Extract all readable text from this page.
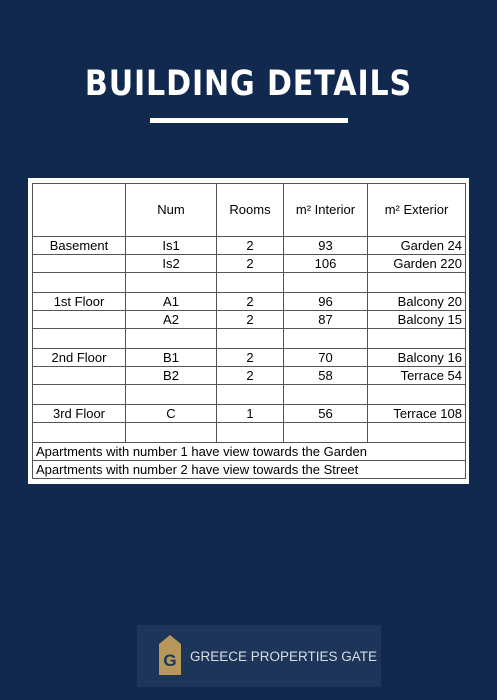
BUILDING DETAILS
	Num	Rooms	m² Interior	m² Exterior
Basement	Is1	2	93	Garden 24
	Is2	2	106	Garden 220

1st Floor	A1	2	96	Balcony 20
	A2	2	87	Balcony 15

2nd Floor	B1	2	70	Balcony 16
	B2	2	58	Terrace 54

3rd Floor	C	1	56	Terrace 108

Apartments with number 1 have view towards the Garden				
Apartments with number 2 have view towards the Street				
G GREECE PROPERTIES GATE
